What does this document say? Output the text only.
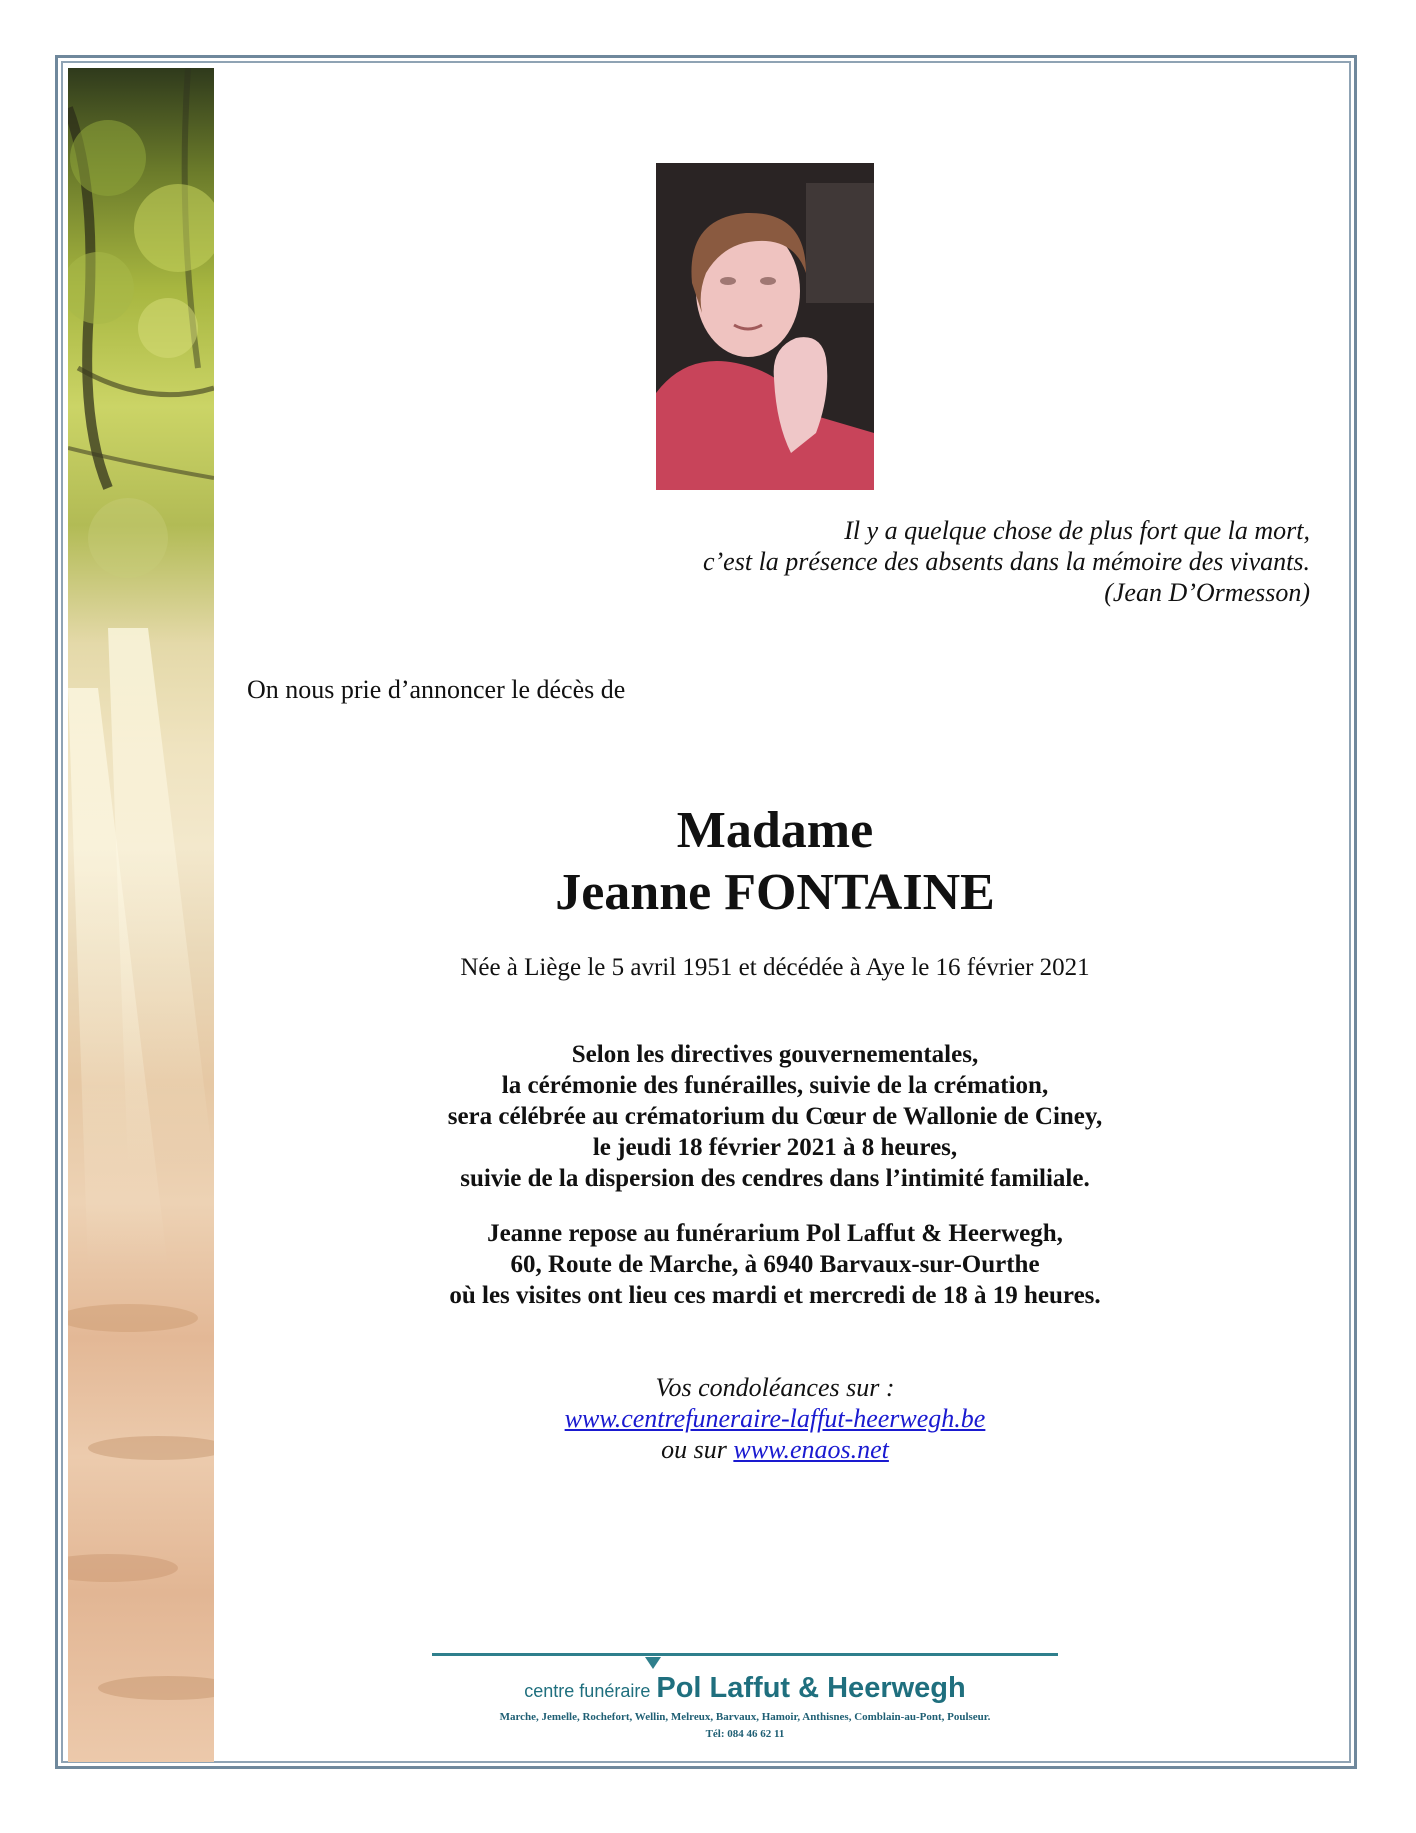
Il y a quelque chose de plus fort que la mort,
c’est la présence des absents dans la mémoire des vivants.
(Jean D’Ormesson)
On nous prie d’annoncer le décès de
Madame
Jeanne FONTAINE
Née à Liège le 5 avril 1951 et décédée à Aye le 16 février 2021
Selon les directives gouvernementales,
la cérémonie des funérailles, suivie de la crémation,
sera célébrée au crématorium du Cœur de Wallonie de Ciney,
le jeudi 18 février 2021 à 8 heures,
suivie de la dispersion des cendres dans l’intimité familiale.
Jeanne repose au funérarium Pol Laffut & Heerwegh,
60, Route de Marche, à 6940 Barvaux-sur-Ourthe
où les visites ont lieu ces mardi et mercredi de 18 à 19 heures.
Vos condoléances sur :
www.centrefuneraire-laffut-heerwegh.be
ou sur www.enaos.net
centre funéraire Pol Laffut & Heerwegh
Marche, Jemelle, Rochefort, Wellin, Melreux, Barvaux, Hamoir, Anthisnes, Comblain-au-Pont, Poulseur.
Tél: 084 46 62 11
